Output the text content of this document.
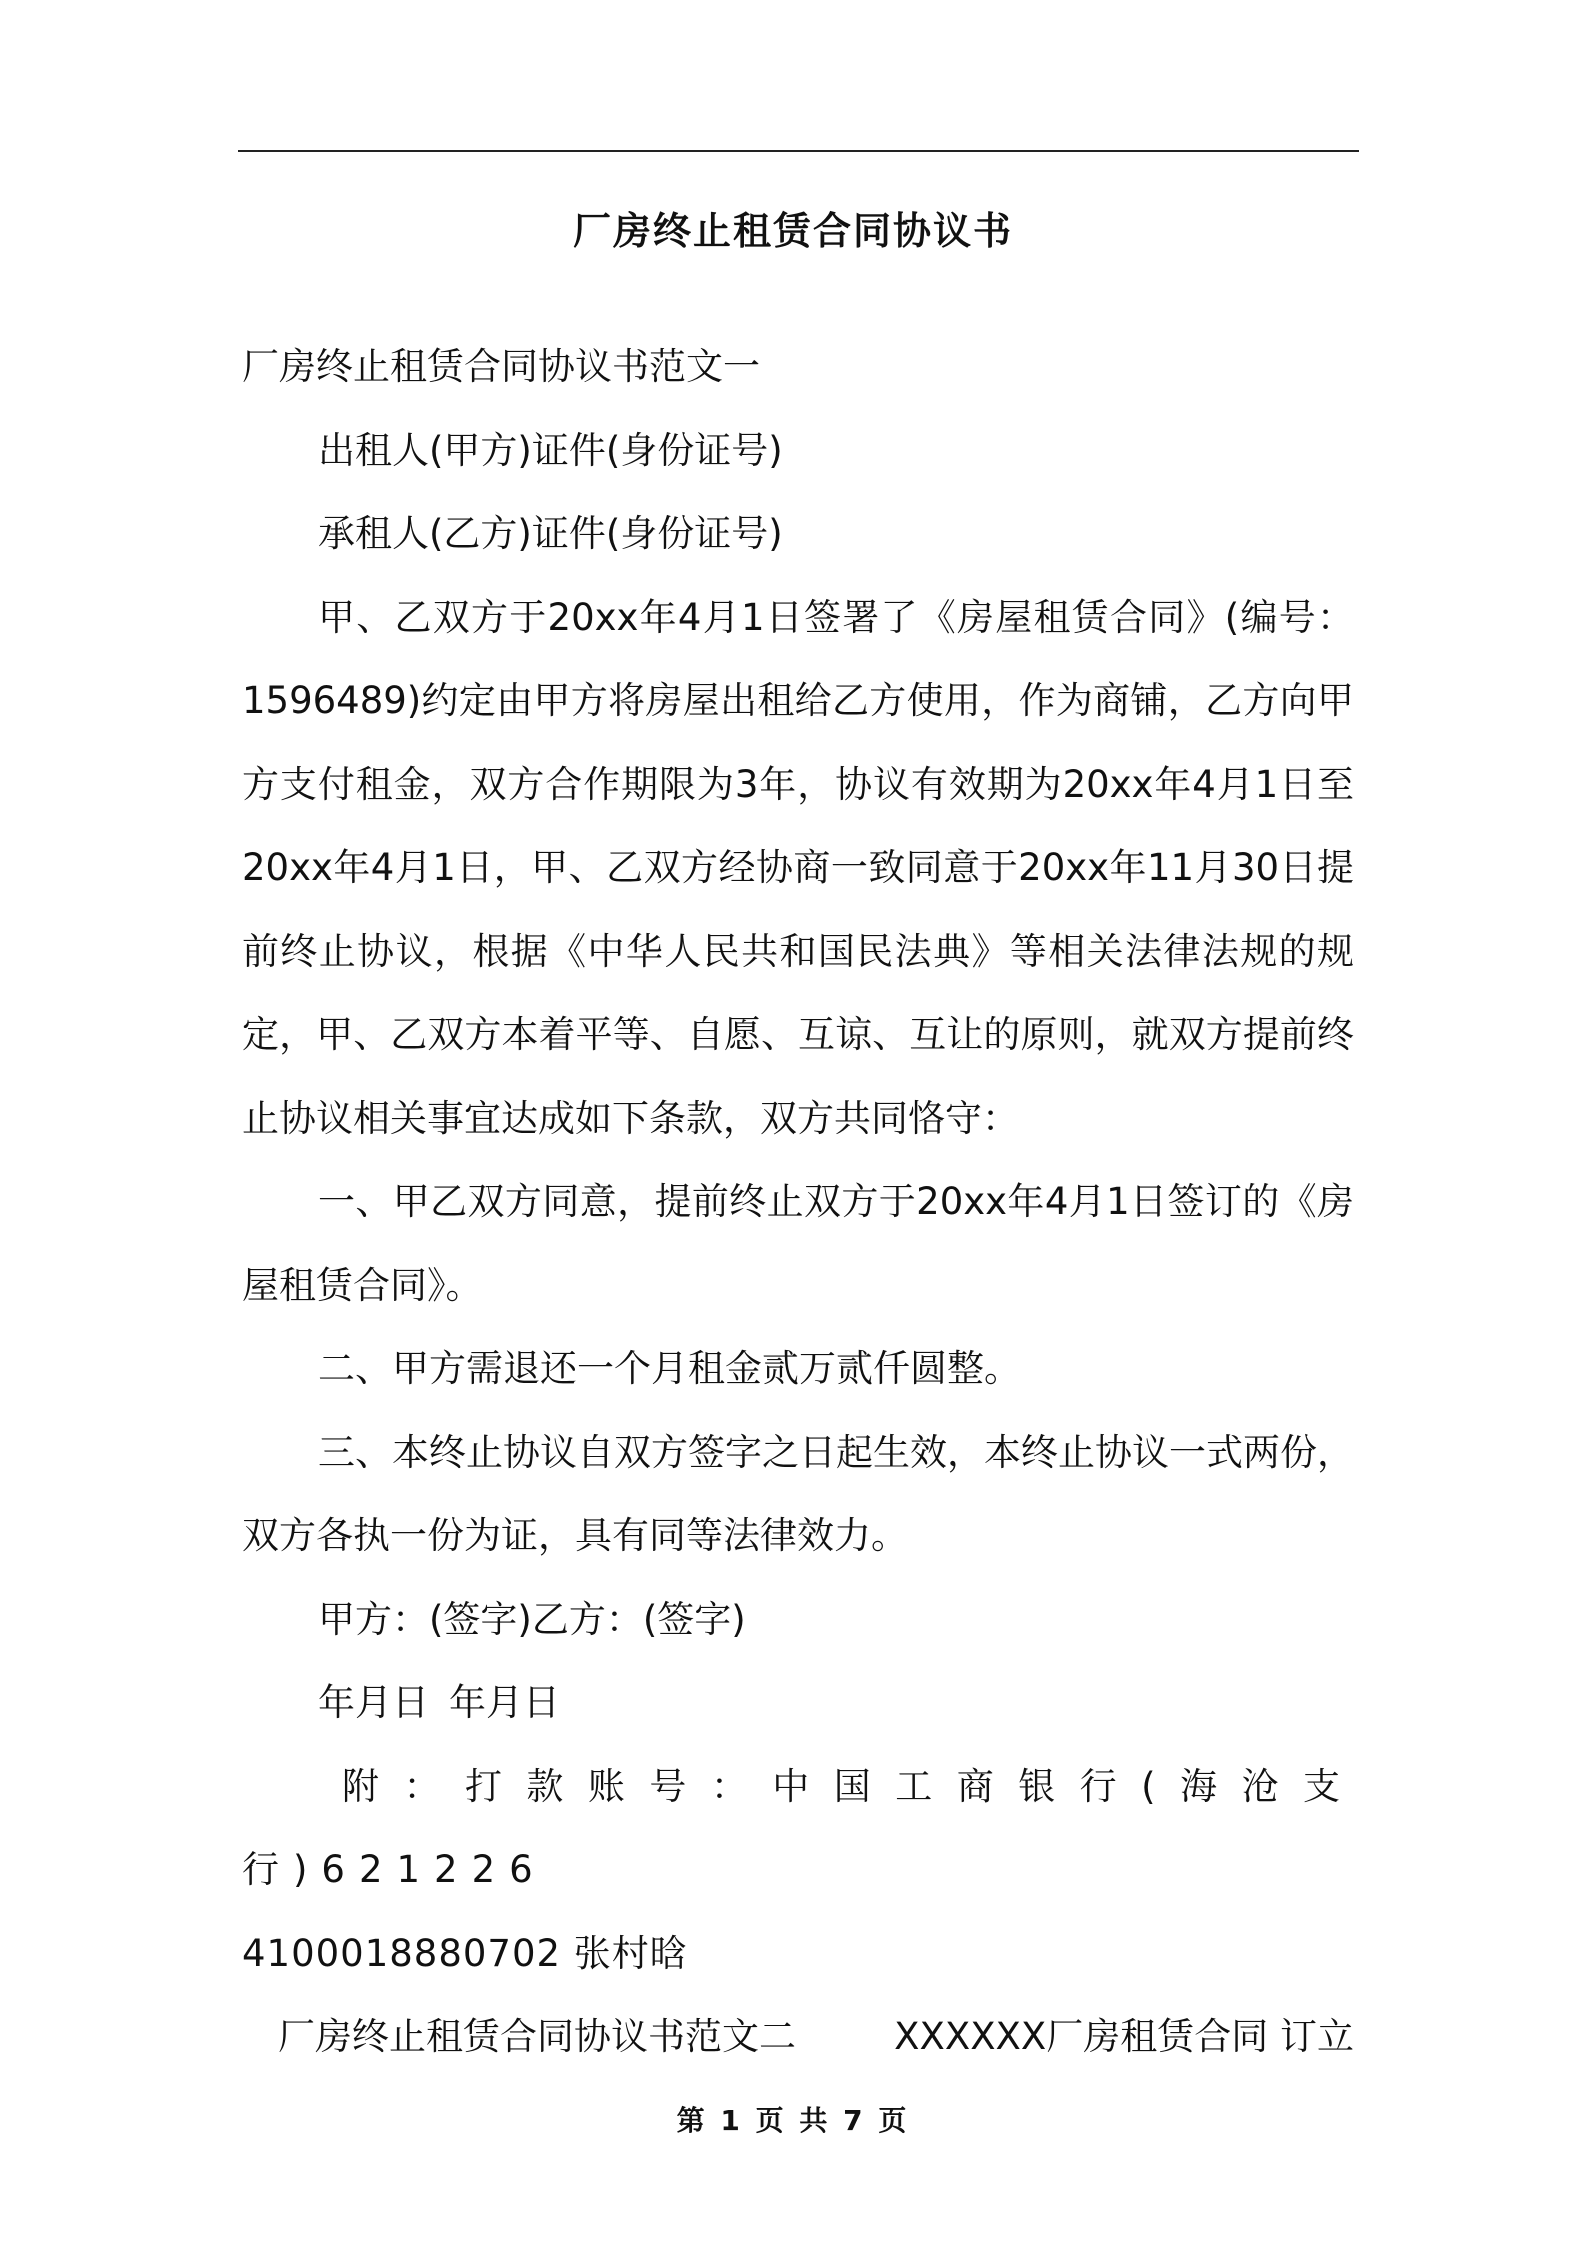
厂房终止租赁合同协议书

厂房终止租赁合同协议书范文一

出租人(甲方)证件(身份证号)

承租人(乙方)证件(身份证号)

甲、乙双方于20xx年4月1日签署了《房屋租赁合同》(编号：1596489)约定由甲方将房屋出租给乙方使用，作为商铺，乙方向甲方支付租金，双方合作期限为3年，协议有效期为20xx年4月1日至20xx年4月1日，甲、乙双方经协商一致同意于20xx年11月30日提前终止协议，根据《中华人民共和国民法典》等相关法律法规的规定，甲、乙双方本着平等、自愿、互谅、互让的原则，就双方提前终止协议相关事宜达成如下条款，双方共同恪守：

一、甲乙双方同意，提前终止双方于20xx年4月1日签订的《房屋租赁合同》。

二、甲方需退还一个月租金贰万贰仟圆整。

三、本终止协议自双方签字之日起生效，本终止协议一式两份，双方各执一份为证，具有同等法律效力。

甲方：(签字)乙方：(签字)

年月日 年月日

附：打款账号：中国工商银行(海沧支行)621226

4100018880702 张村晗

厂房终止租赁合同协议书范文二	XXXXXX厂房租赁合同 订立

第 1 页 共 7 页
